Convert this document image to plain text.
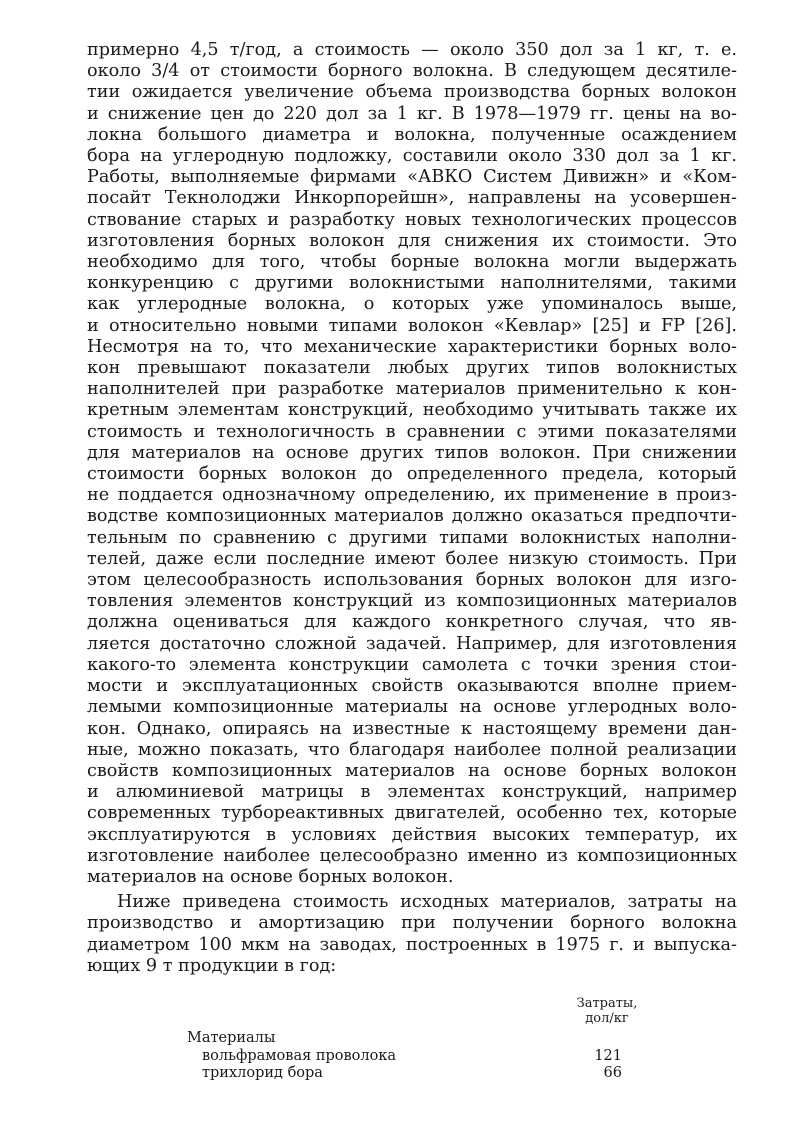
примерно 4,5 т/год, а стоимость — около 350 дол за 1 кг, т. е.
около 3/4 от стоимости борного волокна. В следующем десятиле-
тии ожидается увеличение объема производства борных волокон
и снижение цен до 220 дол за 1 кг. В 1978—1979 гг. цены на во-
локна большого диаметра и волокна, полученные осаждением
бора на углеродную подложку, составили около 330 дол за 1 кг.
Работы, выполняемые фирмами «АВКО Систем Дивижн» и «Ком-
посайт Текнолоджи Инкорпорейшн», направлены на усовершен-
ствование старых и разработку новых технологических процессов
изготовления борных волокон для снижения их стоимости. Это
необходимо для того, чтобы борные волокна могли выдержать
конкуренцию с другими волокнистыми наполнителями, такими
как углеродные волокна, о которых уже упоминалось выше,
и относительно новыми типами волокон «Кевлар» [25] и FP [26].
Несмотря на то, что механические характеристики борных воло-
кон превышают показатели любых других типов волокнистых
наполнителей при разработке материалов применительно к кон-
кретным элементам конструкций, необходимо учитывать также их
стоимость и технологичность в сравнении с этими показателями
для материалов на основе других типов волокон. При снижении
стоимости борных волокон до определенного предела, который
не поддается однозначному определению, их применение в произ-
водстве композиционных материалов должно оказаться предпочти-
тельным по сравнению с другими типами волокнистых наполни-
телей, даже если последние имеют более низкую стоимость. При
этом целесообразность использования борных волокон для изго-
товления элементов конструкций из композиционных материалов
должна оцениваться для каждого конкретного случая, что яв-
ляется достаточно сложной задачей. Например, для изготовления
какого-то элемента конструкции самолета с точки зрения стои-
мости и эксплуатационных свойств оказываются вполне прием-
лемыми композиционные материалы на основе углеродных воло-
кон. Однако, опираясь на известные к настоящему времени дан-
ные, можно показать, что благодаря наиболее полной реализации
свойств композиционных материалов на основе борных волокон
и алюминиевой матрицы в элементах конструкций, например
современных турбореактивных двигателей, особенно тех, которые
эксплуатируются в условиях действия высоких температур, их
изготовление наиболее целесообразно именно из композиционных
материалов на основе борных волокон.

Ниже приведена стоимость исходных материалов, затраты на
производство и амортизацию при получении борного волокна
диаметром 100 мкм на заводах, построенных в 1975 г. и выпуска-
ющих 9 т продукции в год:

Затраты,
дол/кг
Материалы
вольфрамовая проволока	121
трихлорид бора	66
